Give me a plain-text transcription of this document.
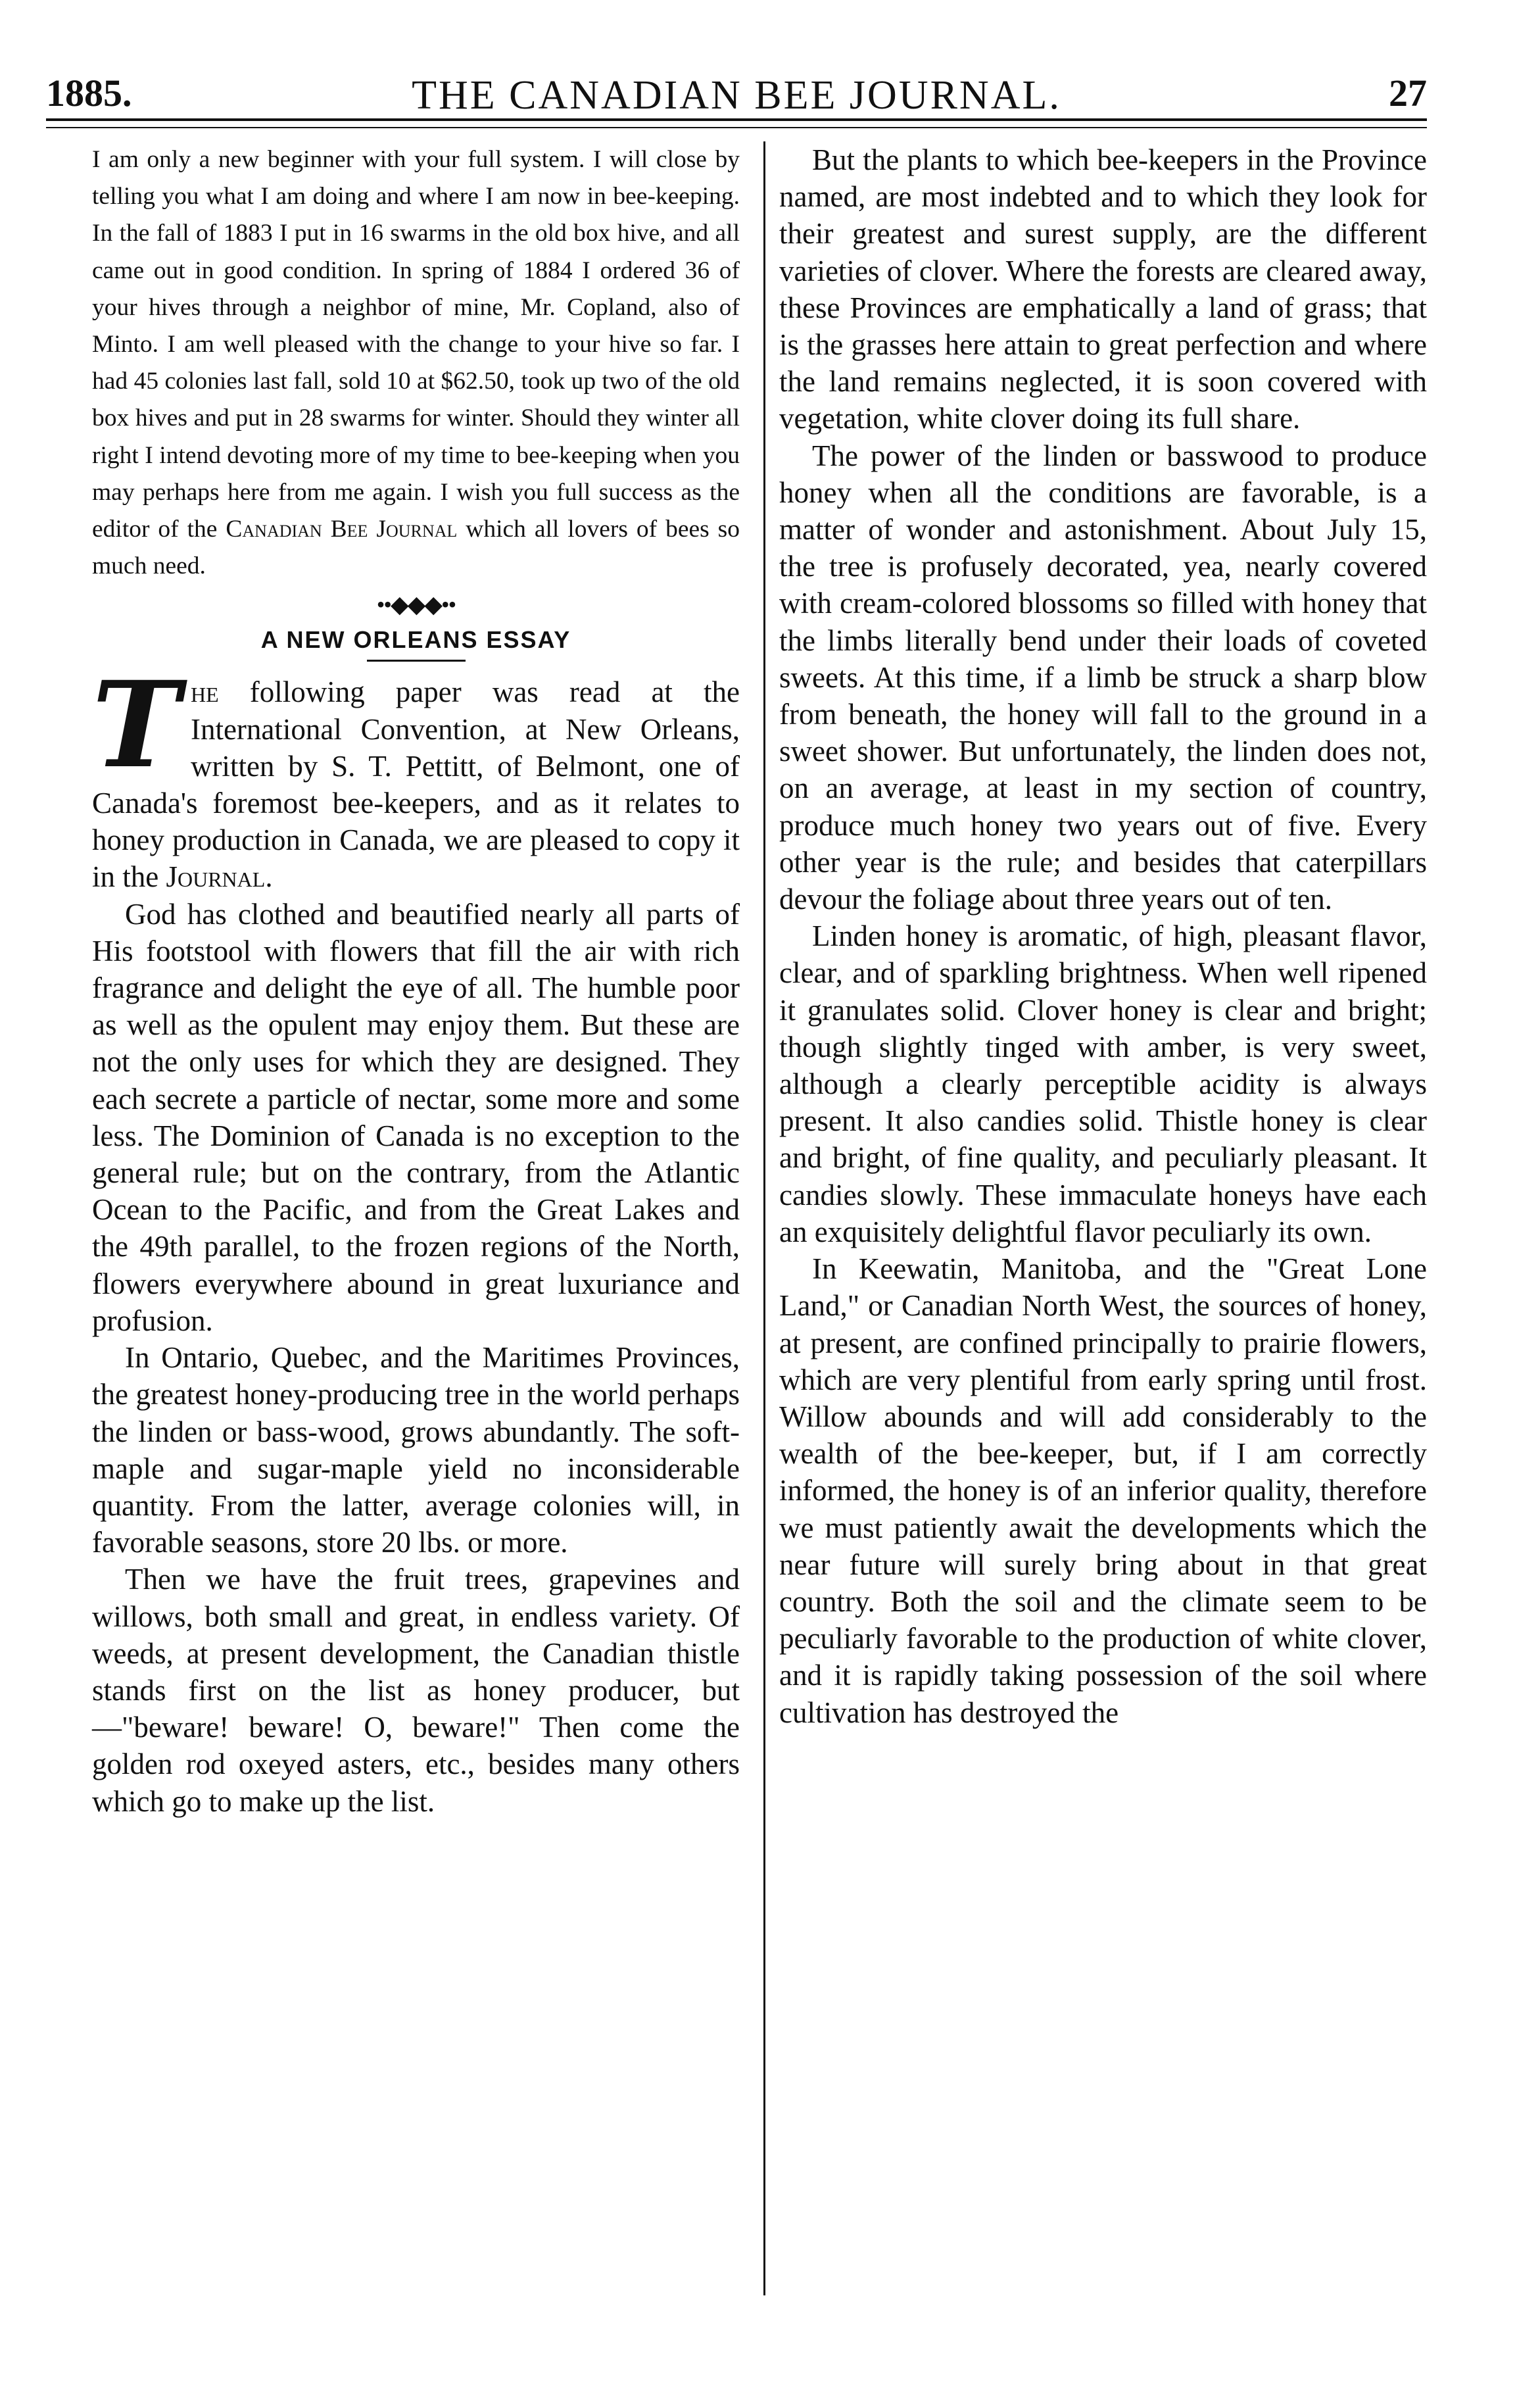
1885.	THE CANADIAN BEE JOURNAL.	27

I am only a new beginner with your full system. I will close by telling you what I am doing and where I am now in bee-keeping. In the fall of 1883 I put in 16 swarms in the old box hive, and all came out in good condition. In spring of 1884 I ordered 36 of your hives through a neighbor of mine, Mr. Copland, also of Minto. I am well pleased with the change to your hive so far. I had 45 colonies last fall, sold 10 at $62.50, took up two of the old box hives and put in 28 swarms for winter. Should they winter all right I intend devoting more of my time to bee-keeping when you may perhaps here from me again. I wish you full success as the editor of the Canadian Bee Journal which all lovers of bees so much need.

••◆◆◆••
A NEW ORLEANS ESSAY

The following paper was read at the International Convention, at New Orleans, written by S. T. Pettitt, of Belmont, one of Canada's foremost bee-keepers, and as it relates to honey production in Canada, we are pleased to copy it in the Journal.

God has clothed and beautified nearly all parts of His footstool with flowers that fill the air with rich fragrance and delight the eye of all. The humble poor as well as the opulent may enjoy them. But these are not the only uses for which they are designed. They each secrete a particle of nectar, some more and some less. The Dominion of Canada is no exception to the general rule; but on the contrary, from the Atlantic Ocean to the Pacific, and from the Great Lakes and the 49th parallel, to the frozen regions of the North, flowers everywhere abound in great luxuriance and profusion.

In Ontario, Quebec, and the Maritimes Provinces, the greatest honey-producing tree in the world perhaps the linden or bass-wood, grows abundantly. The soft-maple and sugar-maple yield no inconsiderable quantity. From the latter, average colonies will, in favorable seasons, store 20 lbs. or more.

Then we have the fruit trees, grapevines and willows, both small and great, in endless variety. Of weeds, at present development, the Canadian thistle stands first on the list as honey producer, but—"beware! beware! O, beware!" Then come the golden rod oxeyed asters, etc., besides many others which go to make up the list.

But the plants to which bee-keepers in the Province named, are most indebted and to which they look for their greatest and surest supply, are the different varieties of clover. Where the forests are cleared away, these Provinces are emphatically a land of grass; that is the grasses here attain to great perfection and where the land remains neglected, it is soon covered with vegetation, white clover doing its full share.

The power of the linden or basswood to produce honey when all the conditions are favorable, is a matter of wonder and astonishment. About July 15, the tree is profusely decorated, yea, nearly covered with cream-colored blossoms so filled with honey that the limbs literally bend under their loads of coveted sweets. At this time, if a limb be struck a sharp blow from beneath, the honey will fall to the ground in a sweet shower. But unfortunately, the linden does not, on an average, at least in my section of country, produce much honey two years out of five. Every other year is the rule; and besides that caterpillars devour the foliage about three years out of ten.

Linden honey is aromatic, of high, pleasant flavor, clear, and of sparkling brightness. When well ripened it granulates solid. Clover honey is clear and bright; though slightly tinged with amber, is very sweet, although a clearly perceptible acidity is always present. It also candies solid. Thistle honey is clear and bright, of fine quality, and peculiarly pleasant. It candies slowly. These immaculate honeys have each an exquisitely delightful flavor peculiarly its own.

In Keewatin, Manitoba, and the "Great Lone Land," or Canadian North West, the sources of honey, at present, are confined principally to prairie flowers, which are very plentiful from early spring until frost. Willow abounds and will add considerably to the wealth of the bee-keeper, but, if I am correctly informed, the honey is of an inferior quality, therefore we must patiently await the developments which the near future will surely bring about in that great country. Both the soil and the climate seem to be peculiarly favorable to the production of white clover, and it is rapidly taking possession of the soil where cultivation has destroyed the
